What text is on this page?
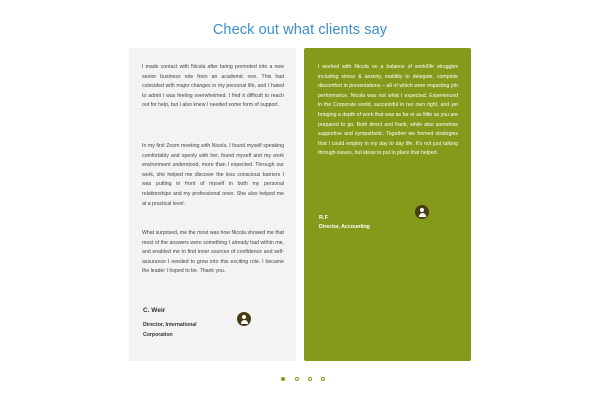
Check out what clients say

I made contact with Nicola after being promoted into a new senior business role from an academic one. This had coincided with major changes in my personal life, and I hated to admit I was feeling overwhelmed. I find it difficult to reach out for help, but I also knew I needed some form of support.

In my first Zoom meeting with Nicola, I found myself speaking comfortably and openly with her, found myself and my work environment understood, more than I expected. Through our work, she helped me discover the less conscious barriers I was putting in front of myself in both my personal relationships and my professional ones. She also helped me at a practical level.

What surprised, me the most was how Nicola showed me that most of the answers were something I already had within me, and enabled me to find inner sources of confidence and self-assurance I needed to grow into this exciting role. I became the leader I hoped to be. Thank you.

C. Weir
Director, International Corporation

I worked with Nicola on a balance of work/life struggles including stress & anxiety, inability to delegate, complete discomfort in presentations – all of which were impacting job performance. Nicola was not what I expected. Experienced in the Corporate world, successful in her own right, and yet bringing a depth of work that was as far or as little as you are prepared to go. Both direct and frank, while also somehow supportive and sympathetic. Together we formed strategies that I could employ in my day to day life. It's not just talking through issues, but ideas to put in place that helped.

R.F
Director, Accounting
